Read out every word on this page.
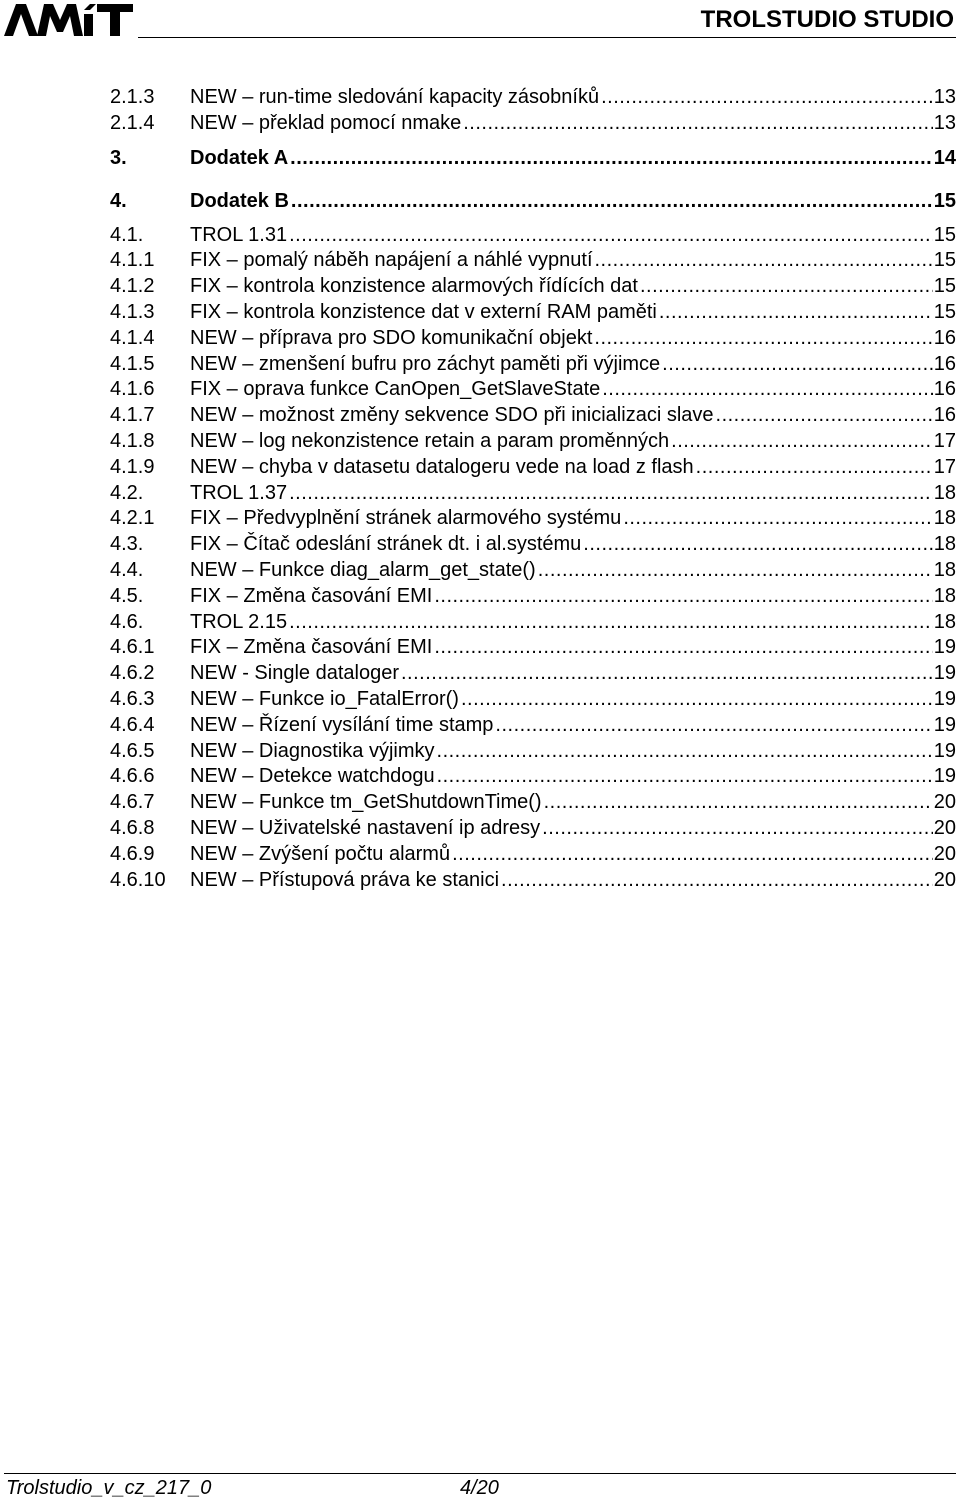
TROLSTUDIO STUDIO
2.1.3	NEW – run-time sledování kapacity zásobníků .....	13
2.1.4	NEW – překlad pomocí nmake .....	13
3.	Dodatek A .....	14
4.	Dodatek B .....	15
4.1.	TROL 1.31 .....	15
4.1.1	FIX – pomalý náběh napájení a náhlé vypnutí .....	15
4.1.2	FIX – kontrola konzistence alarmových řídících dat .....	15
4.1.3	FIX – kontrola konzistence dat v externí RAM paměti .....	15
4.1.4	NEW – příprava pro SDO komunikační objekt .....	16
4.1.5	NEW – zmenšení bufru pro záchyt paměti při výjimce .....	16
4.1.6	FIX – oprava funkce CanOpen_GetSlaveState .....	16
4.1.7	NEW – možnost změny sekvence SDO při inicializaci slave .....	16
4.1.8	NEW – log nekonzistence retain a param proměnných .....	17
4.1.9	NEW – chyba v datasetu datalogeru vede na load z flash .....	17
4.2.	TROL 1.37 .....	18
4.2.1	FIX – Předvyplnění stránek alarmového systému .....	18
4.3.	FIX – Čítač odeslání stránek dt. i al.systému .....	18
4.4.	NEW – Funkce diag_alarm_get_state() .....	18
4.5.	FIX – Změna časování EMI .....	18
4.6.	TROL 2.15 .....	18
4.6.1	FIX – Změna časování EMI .....	19
4.6.2	NEW - Single dataloger .....	19
4.6.3	NEW – Funkce io_FatalError() .....	19
4.6.4	NEW – Řízení vysílání time stamp .....	19
4.6.5	NEW – Diagnostika výjimky .....	19
4.6.6	NEW – Detekce watchdogu .....	19
4.6.7	NEW – Funkce tm_GetShutdownTime() .....	20
4.6.8	NEW – Uživatelské nastavení ip adresy .....	20
4.6.9	NEW – Zvýšení počtu alarmů .....	20
4.6.10	NEW – Přístupová práva ke stanici .....	20
Trolstudio_v_cz_217_0	4/20
